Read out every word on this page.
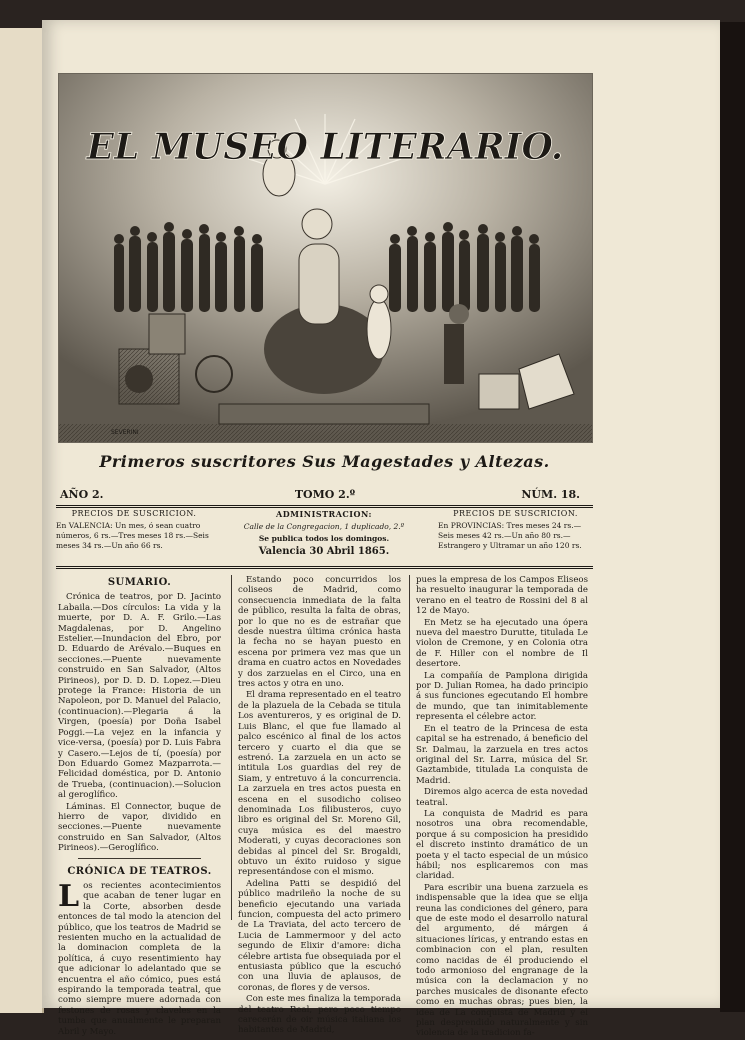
EL MUSEO LITERARIO.
SEVERINI
Primeros suscritores Sus Magestades y Altezas.
AÑO 2.	TOMO 2.º	NÚM. 18.
PRECIOS DE SUSCRICION.

En VALENCIA: Un mes, ó sean cuatro números, 6 rs.—Tres meses 18 rs.—Seis meses 34 rs.—Un año 66 rs.

ADMINISTRACION:
Calle de la Congregacion, 1 duplicado, 2.º
Se publica todos los domingos.
Valencia 30 Abril 1865.
PRECIOS DE SUSCRICION.

En PROVINCIAS: Tres meses 24 rs.—Seis meses 42 rs.—Un año 80 rs.—Estrangero y Ultramar un año 120 rs.

SUMARIO.

Crónica de teatros, por D. Jacinto Labaila.—Dos círculos: La vida y la muerte, por D. A. F. Grilo.—Las Magdalenas, por D. Angelino Estelier.—Inundacion del Ebro, por D. Eduardo de Arévalo.—Buques en secciones.—Puente nuevamente construido en San Salvador, (Altos Pirineos), por D. D. D. Lopez.—Dieu protege la France: Historia de un Napoleon, por D. Manuel del Palacio, (continuacion).—Plegaria á la Virgen, (poesía) por Doña Isabel Poggi.—La vejez en la infancia y vice-versa, (poesía) por D. Luis Fabra y Casero.—Lejos de tí, (poesía) por Don Eduardo Gomez Mazparrota.—Felicidad doméstica, por D. Antonio de Trueba, (continuacion).—Solucion al geroglífico.

Láminas. El Connector, buque de hierro de vapor, dividido en secciones.—Puente nuevamente construido en San Salvador, (Altos Pirineos).—Geroglífico.

CRÓNICA DE TEATROS.

Los recientes acontecimientos que acaban de tener lugar en la Corte, absorben desde entonces de tal modo la atencion del público, que los teatros de Madrid se resienten mucho en la actualidad de la dominacion completa de la política, á cuyo resentimiento hay que adicionar lo adelantado que se encuentra el año cómico, pues está espirando la temporada teatral, que como siempre muere adornada con festones de rosas y claveles en la tumba que anualmente le preparan Abril y Mayo.

Estando poco concurridos los coliseos de Madrid, como consecuencia inmediata de la falta de público, resulta la falta de obras, por lo que no es de estrañar que desde nuestra última crónica hasta la fecha no se hayan puesto en escena por primera vez mas que un drama en cuatro actos en Novedades y dos zarzuelas en el Circo, una en tres actos y otra en uno.

El drama representado en el teatro de la plazuela de la Cebada se titula Los aventureros, y es original de D. Luis Blanc, el que fue llamado al palco escénico al final de los actos tercero y cuarto el dia que se estrenó. La zarzuela en un acto se intitula Los guardias del rey de Siam, y entretuvo á la concurrencia. La zarzuela en tres actos puesta en escena en el susodicho coliseo denominada Los filibusteros, cuyo libro es original del Sr. Moreno Gil, cuya música es del maestro Moderati, y cuyas decoraciones son debidas al pincel del Sr. Brogaldi, obtuvo un éxito ruidoso y sigue representándose con el mismo.

Adelina Patti se despidió del público madrileño la noche de su beneficio ejecutando una variada funcion, compuesta del acto primero de La Traviata, del acto tercero de Lucia de Lammermoor y del acto segundo de Elixir d'amore: dicha célebre artista fue obsequiada por el entusiasta público que la escuchó con una lluvia de aplausos, de coronas, de flores y de versos.

Con este mes finaliza la temporada del teatro Real, pero poco tiempo carecerán de oir música italiana los habitantes de Madrid,

pues la empresa de los Campos Eliseos ha resuelto inaugurar la temporada de verano en el teatro de Rossini del 8 al 12 de Mayo.

En Metz se ha ejecutado una ópera nueva del maestro Durutte, titulada Le violon de Cremone, y en Colonia otra de F. Hiller con el nombre de Il desertore.

La compañía de Pamplona dirigida por D. Julian Romea, ha dado principio á sus funciones egecutando El hombre de mundo, que tan inimitablemente representa el célebre actor.

En el teatro de la Princesa de esta capital se ha estrenado, á beneficio del Sr. Dalmau, la zarzuela en tres actos original del Sr. Larra, música del Sr. Gaztambide, titulada La conquista de Madrid.

Diremos algo acerca de esta novedad teatral.

La conquista de Madrid es para nosotros una obra recomendable, porque á su composicion ha presidido el discreto instinto dramático de un poeta y el tacto especial de un músico hábil; nos esplicaremos con mas claridad.

Para escribir una buena zarzuela es indispensable que la idea que se elija reuna las condiciones del género, para que de este modo el desarrollo natural del argumento, dé márgen á situaciones líricas, y entrando estas en combinacion con el plan, resulten como nacidas de él produciendo el todo armonioso del engranage de la música con la declamacion y no parches musicales de disonante efecto como en muchas obras; pues bien, la idea de La conquista de Madrid y el plan desprendido naturalmente y sin violencia de la tradicion fa-
